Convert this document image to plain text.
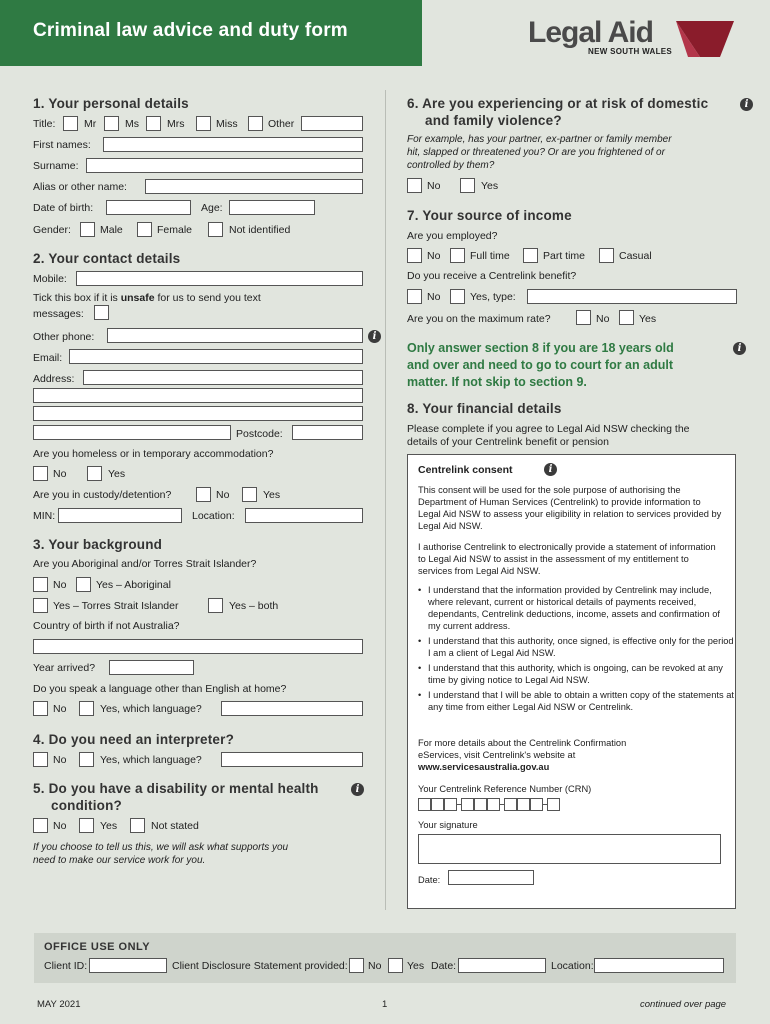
Criminal law advice and duty form	Legal Aid
NEW SOUTH WALES
1. Your personal details
Title:	Mr	Ms	Mrs	Miss	Other
First names:
Surname:
Alias or other name:
Date of birth:	Age:
Gender:	Male	Female	Not identified
2. Your contact details
Mobile:
Tick this box if it is unsafe for us to send you text
messages:
Other phone:	i
Email:
Address:
Postcode:
Are you homeless or in temporary accommodation?
No	Yes
Are you in custody/detention?	No	Yes
MIN:	Location:
3. Your background
Are you Aboriginal and/or Torres Strait Islander?
No	Yes – Aboriginal
Yes – Torres Strait Islander	Yes – both
Country of birth if not Australia?
Year arrived?
Do you speak a language other than English at home?
No	Yes, which language?
4. Do you need an interpreter?
No	Yes, which language?
5. Do you have a disability or mental health
condition?
i
No	Yes	Not stated
If you choose to tell us this, we will ask what supports you
need to make our service work for you.
6. Are you experiencing or at risk of domestic
and family violence?
i
For example, has your partner, ex-partner or family member
hit, slapped or threatened you? Or are you frightened of or
controlled by them?
No	Yes
7. Your source of income
Are you employed?
No	Full time	Part time	Casual
Do you receive a Centrelink benefit?
No	Yes, type:
Are you on the maximum rate?	No	Yes
Only answer section 8 if you are 18 years old
and over and need to go to court for an adult
matter. If not skip to section 9.
i
8. Your financial details
Please complete if you agree to Legal Aid NSW checking the
details of your Centrelink benefit or pension
Centrelink consent	i
This consent will be used for the sole purpose of authorising the Department of Human Services (Centrelink) to provide information to Legal Aid NSW to assess your eligibility in relation to services provided by Legal Aid NSW.
I authorise Centrelink to electronically provide a statement of information to Legal Aid NSW to assist in the assessment of my entitlement to services from Legal Aid NSW.
• I understand that the information provided by Centrelink may include, where relevant, current or historical details of payments received, dependants, Centrelink deductions, income, assets and confirmation of my current address.
• I understand that this authority, once signed, is effective only for the period I am a client of Legal Aid NSW.
• I understand that this authority, which is ongoing, can be revoked at any time by giving notice to Legal Aid NSW.
• I understand that I will be able to obtain a written copy of the statements at any time from either Legal Aid NSW or Centrelink.
For more details about the Centrelink Confirmation
eServices, visit Centrelink's website at
www.servicesaustralia.gov.au
Your Centrelink Reference Number (CRN)
Your signature
Date:
OFFICE USE ONLY
Client ID:	Client Disclosure Statement provided: No Yes Date:	Location:
MAY 2021	1	continued over page
